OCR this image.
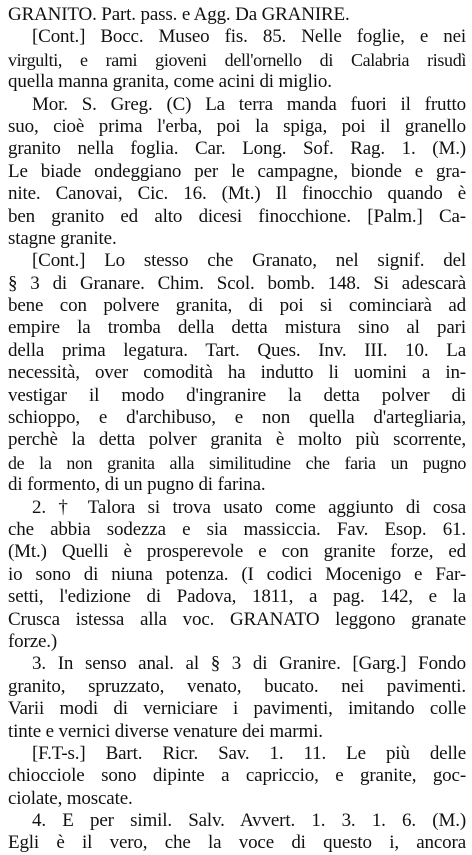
GRANITO. Part. pass. e Agg. Da GRANIRE.
[Cont.] Bocc. Museo fis. 85. Nelle foglie, e nei
virgulti, e rami gioveni dell'ornello di Calabria risudì
quella manna granita, come acini di miglio.
Mor. S. Greg. (C) La terra manda fuori il frutto
suo, cioè prima l'erba, poi la spiga, poi il granello
granito nella foglia. Car. Long. Sof. Rag. 1. (M.)
Le biade ondeggiano per le campagne, bionde e gra-
nite. Canovai, Cic. 16. (Mt.) Il finocchio quando è
ben granito ed alto dicesi finocchione. [Palm.] Ca-
stagne granite.
[Cont.] Lo stesso che Granato, nel signif. del
§ 3 di Granare. Chim. Scol. bomb. 148. Si adescarà
bene con polvere granita, di poi si cominciarà ad
empire la tromba della detta mistura sino al pari
della prima legatura. Tart. Ques. Inv. III. 10. La
necessità, over comodità ha indutto li uomini a in-
vestigar il modo d'ingranire la detta polver di
schioppo, e d'archibuso, e non quella d'artegliaria,
perchè la detta polver granita è molto più scorrente,
de la non granita alla similitudine che faria un pugno
di formento, di un pugno di farina.
2. † Talora si trova usato come aggiunto di cosa
che abbia sodezza e sia massiccia. Fav. Esop. 61.
(Mt.) Quelli è prosperevole e con granite forze, ed
io sono di niuna potenza. (I codici Mocenigo e Far-
setti, l'edizione di Padova, 1811, a pag. 142, e la
Crusca istessa alla voc. GRANATO leggono granate
forze.)
3. In senso anal. al § 3 di Granire. [Garg.] Fondo
granito, spruzzato, venato, bucato. nei pavimenti.
Varii modi di verniciare i pavimenti, imitando colle
tinte e vernici diverse venature dei marmi.
[F.T-s.] Bart. Ricr. Sav. 1. 11. Le più delle
chiocciole sono dipinte a capriccio, e granite, goc-
ciolate, moscate.
4. E per simil. Salv. Avvert. 1. 3. 1. 6. (M.)
Egli è il vero, che la voce di questo i, ancora
